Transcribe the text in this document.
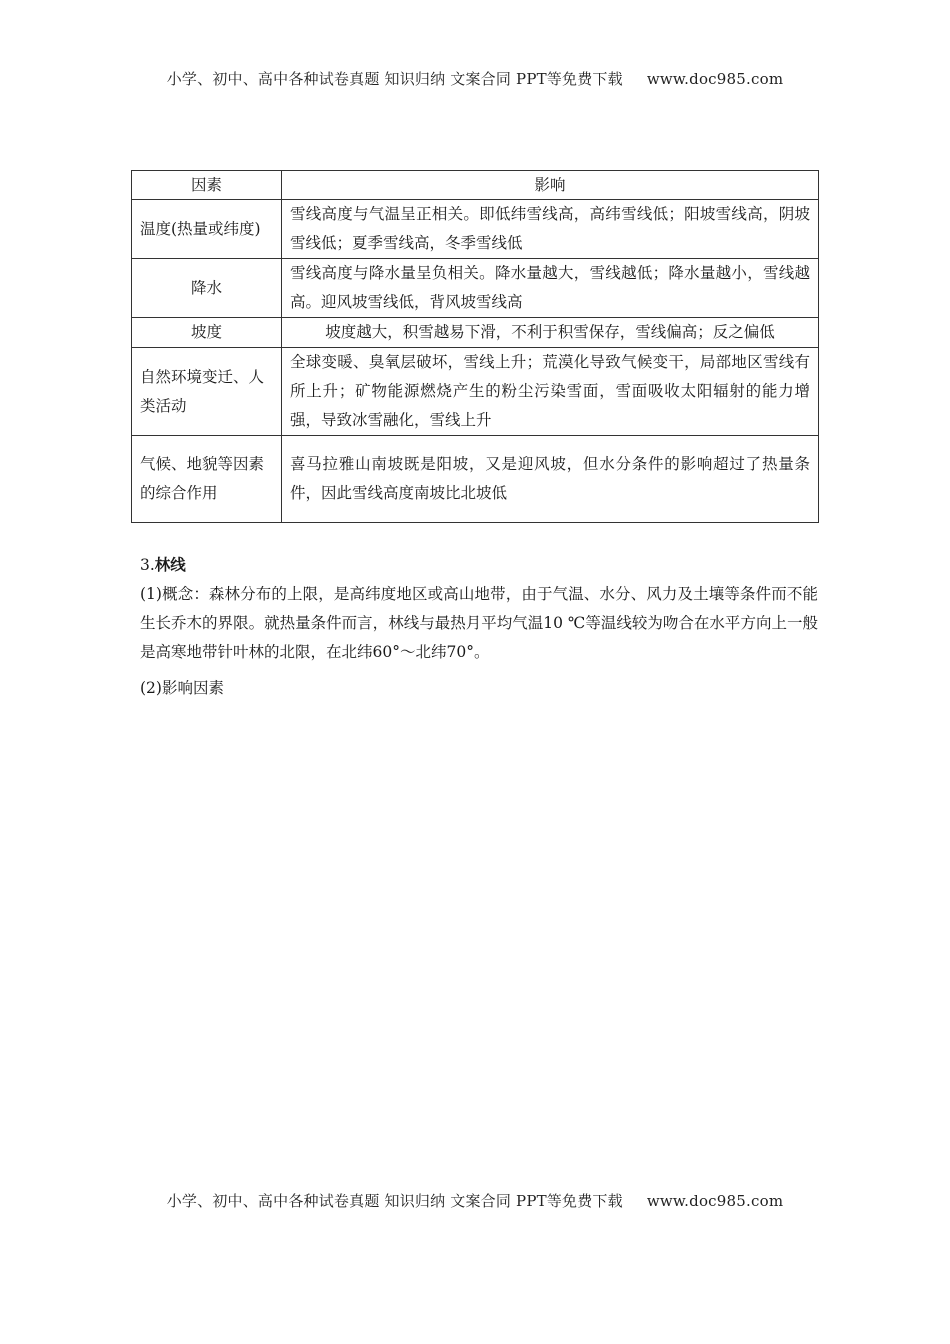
小学、初中、高中各种试卷真题 知识归纳 文案合同 PPT等免费下载 www.doc985.com
因素	影响
温度(热量或纬度)	雪线高度与气温呈正相关。即低纬雪线高，高纬雪线低；阳坡雪线高，阴坡雪线低；夏季雪线高，冬季雪线低
降水	雪线高度与降水量呈负相关。降水量越大，雪线越低；降水量越小，雪线越高。迎风坡雪线低，背风坡雪线高
坡度	坡度越大，积雪越易下滑，不利于积雪保存，雪线偏高；反之偏低
自然环境变迁、人类活动	全球变暖、臭氧层破坏，雪线上升；荒漠化导致气候变干，局部地区雪线有所上升；矿物能源燃烧产生的粉尘污染雪面，雪面吸收太阳辐射的能力增强，导致冰雪融化，雪线上升
气候、地貌等因素的综合作用	喜马拉雅山南坡既是阳坡，又是迎风坡，但水分条件的影响超过了热量条件，因此雪线高度南坡比北坡低
3.林线
(1)概念：森林分布的上限，是高纬度地区或高山地带，由于气温、水分、风力及土壤等条件而不能生长乔木的界限。就热量条件而言，林线与最热月平均气温10 ℃等温线较为吻合在水平方向上一般是高寒地带针叶林的北限，在北纬60°～北纬70°。
(2)影响因素
小学、初中、高中各种试卷真题 知识归纳 文案合同 PPT等免费下载 www.doc985.com
